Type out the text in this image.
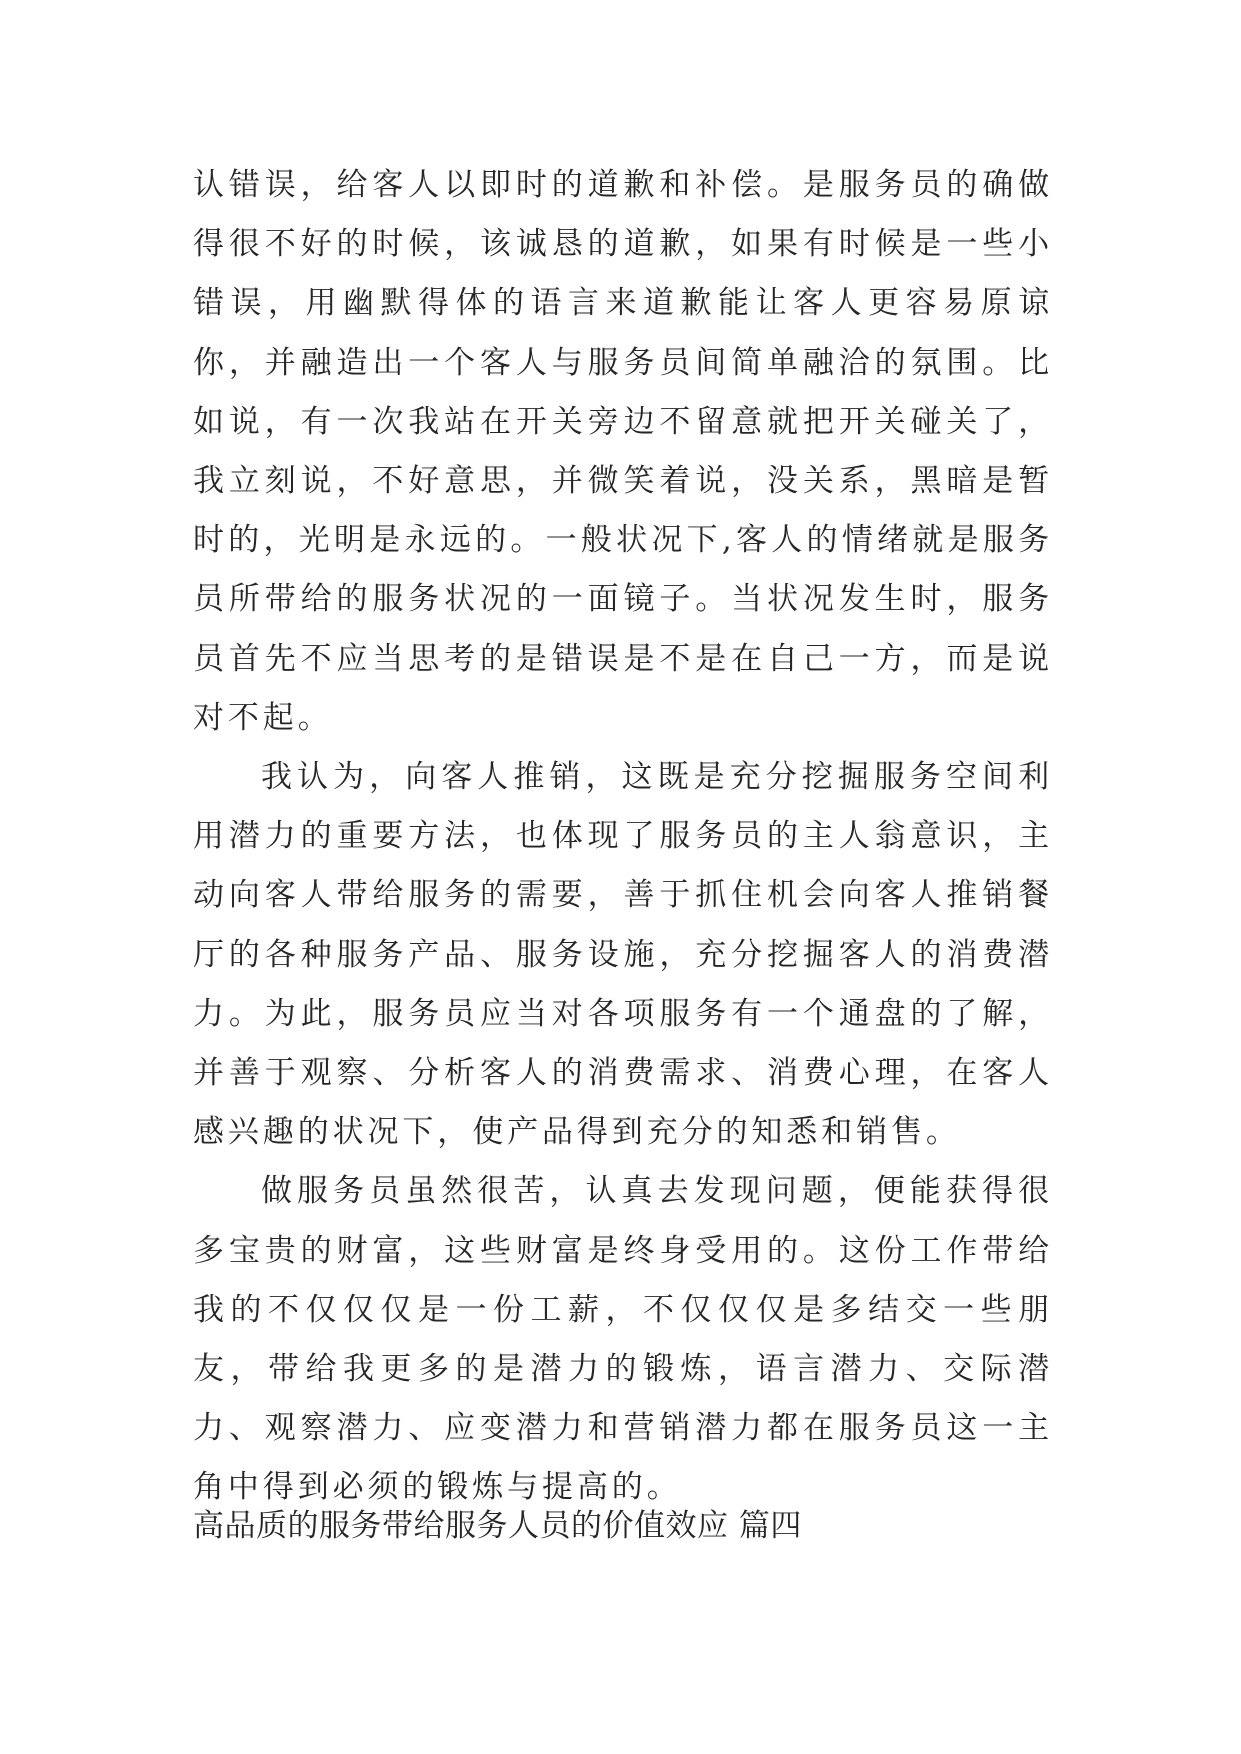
认错误，给客人以即时的道歉和补偿。是服务员的确做得很不好的时候，该诚恳的道歉，如果有时候是一些小错误，用幽默得体的语言来道歉能让客人更容易原谅你，并融造出一个客人与服务员间简单融洽的氛围。比如说，有一次我站在开关旁边不留意就把开关碰关了，我立刻说，不好意思，并微笑着说，没关系，黑暗是暂时的，光明是永远的。一般状况下,客人的情绪就是服务员所带给的服务状况的一面镜子。当状况发生时，服务员首先不应当思考的是错误是不是在自己一方，而是说对不起。

我认为，向客人推销，这既是充分挖掘服务空间利用潜力的重要方法，也体现了服务员的主人翁意识，主动向客人带给服务的需要，善于抓住机会向客人推销餐厅的各种服务产品、服务设施，充分挖掘客人的消费潜力。为此，服务员应当对各项服务有一个通盘的了解，并善于观察、分析客人的消费需求、消费心理，在客人感兴趣的状况下，使产品得到充分的知悉和销售。

做服务员虽然很苦，认真去发现问题，便能获得很多宝贵的财富，这些财富是终身受用的。这份工作带给我的不仅仅仅是一份工薪，不仅仅仅是多结交一些朋友，带给我更多的是潜力的锻炼，语言潜力、交际潜力、观察潜力、应变潜力和营销潜力都在服务员这一主角中得到必须的锻炼与提高的。

高品质的服务带给服务人员的价值效应 篇四
